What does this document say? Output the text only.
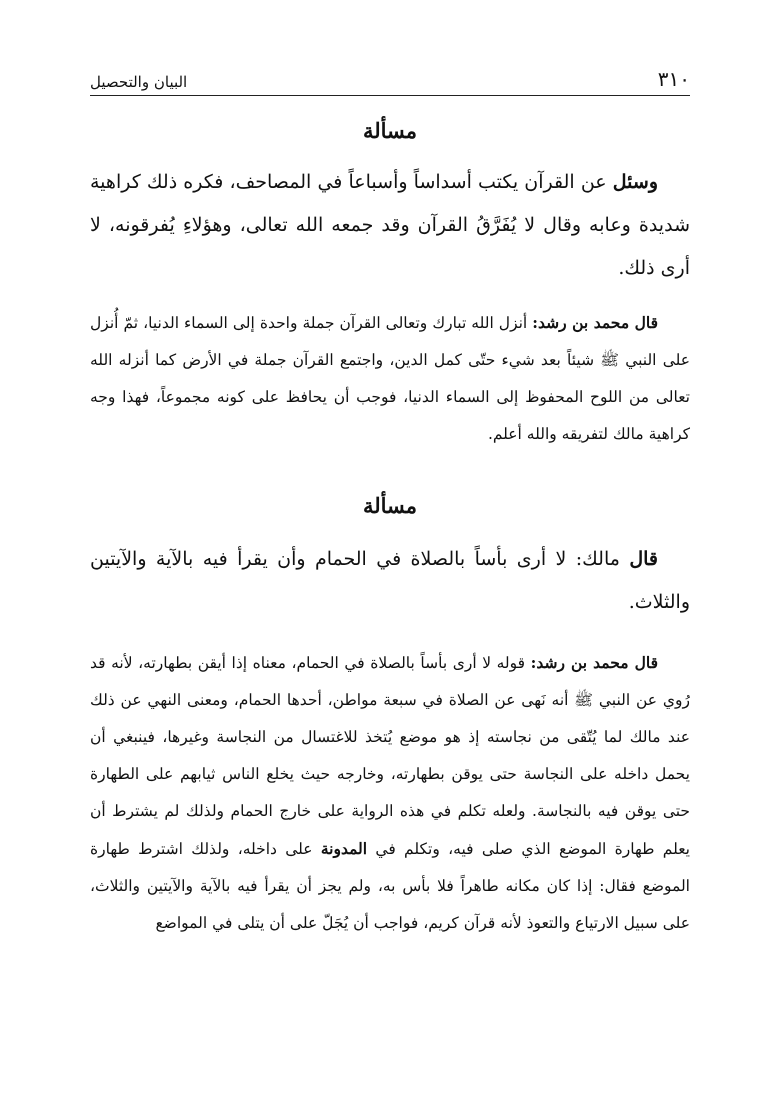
٣١٠
البيان والتحصيل
مسألة

وسئل عن القرآن يكتب أسداساً وأسباعاً في المصاحف، فكره ذلك كراهية شديدة وعابه وقال لا يُفَرَّقُ القرآن وقد جمعه الله تعالى، وهؤلاءِ يُفرقونه، لا أرى ذلك.

قال محمد بن رشد: أنزل الله تبارك وتعالى القرآن جملة واحدة إلى السماء الدنيا، ثمّ أُنزل على النبي ﷺ شيئاً بعد شيء حتّى كمل الدين، واجتمع القرآن جملة في الأرض كما أنزله الله تعالى من اللوح المحفوظ إلى السماء الدنيا، فوجب أن يحافظ على كونه مجموعاً، فهذا وجه كراهية مالك لتفريقه والله أعلم.

مسألة

قال مالك: لا أرى بأساً بالصلاة في الحمام وأن يقرأ فيه بالآية والآيتين والثلاث.

قال محمد بن رشد: قوله لا أرى بأساً بالصلاة في الحمام، معناه إذا أيقن بطهارته، لأنه قد رُوي عن النبي ﷺ أنه نَهى عن الصلاة في سبعة مواطن، أحدها الحمام، ومعنى النهي عن ذلك عند مالك لما يُتّقى من نجاسته إذ هو موضع يُتخذ للاغتسال من النجاسة وغيرها، فينبغي أن يحمل داخله على النجاسة حتى يوقن بطهارته، وخارجه حيث يخلع الناس ثيابهم على الطهارة حتى يوقن فيه بالنجاسة. ولعله تكلم في هذه الرواية على خارج الحمام ولذلك لم يشترط أن يعلم طهارة الموضع الذي صلى فيه، وتكلم في المدونة على داخله، ولذلك اشترط طهارة الموضع فقال: إذا كان مكانه طاهراً فلا بأس به، ولم يجز أن يقرأ فيه بالآية والآيتين والثلاث، على سبيل الارتياع والتعوذ لأنه قرآن كريم، فواجب أن يُجَلّ على أن يتلى في المواضع
